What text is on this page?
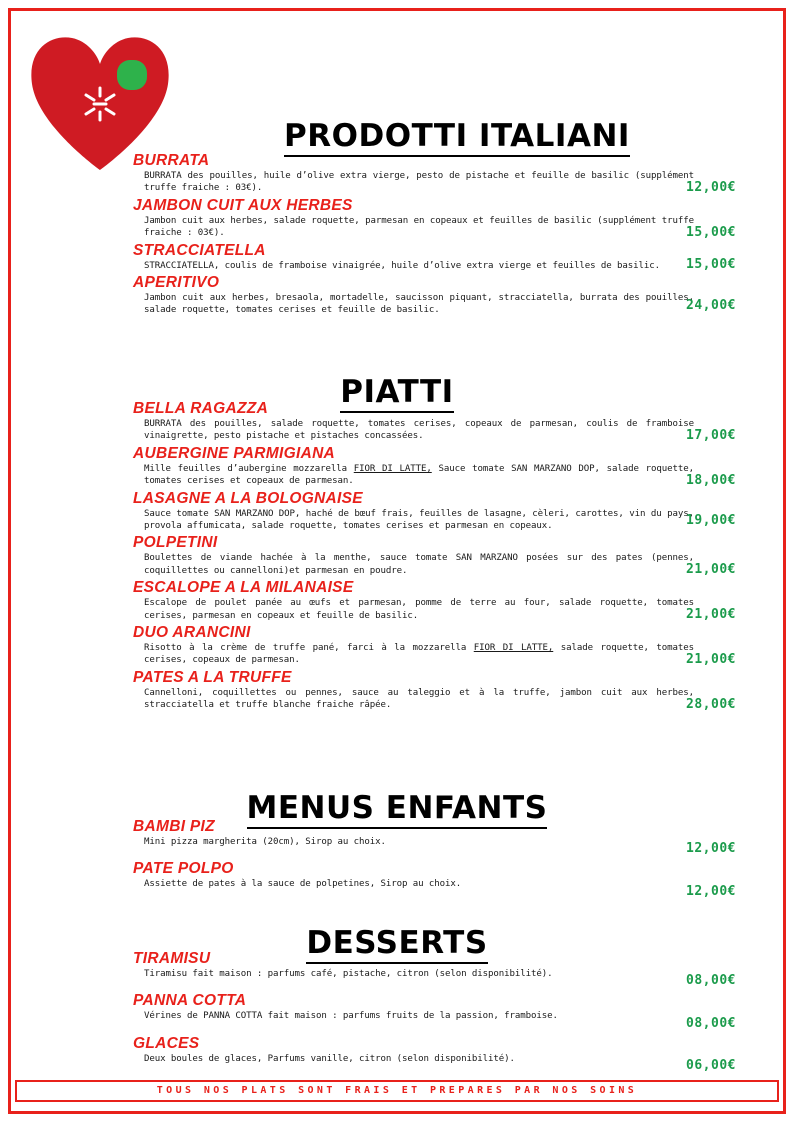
PRODOTTI ITALIANI
BURRATA
BURRATA des pouilles, huile d’olive extra vierge, pesto de pistache et feuille de basilic (supplément truffe fraiche : 03€).	12,00€
JAMBON CUIT AUX HERBES
Jambon cuit aux herbes, salade roquette, parmesan en copeaux et feuilles de basilic (supplément truffe fraiche : 03€).	15,00€
STRACCIATELLA
STRACCIATELLA, coulis de framboise vinaigrée, huile d’olive extra vierge et feuilles de basilic.	15,00€
APERITIVO
Jambon cuit aux herbes, bresaola, mortadelle, saucisson piquant, stracciatella, burrata des pouilles, salade roquette, tomates cerises et feuille de basilic.	24,00€
PIATTI
BELLA RAGAZZA
BURRATA des pouilles, salade roquette, tomates cerises, copeaux de parmesan, coulis de framboise vinaigrette, pesto pistache et pistaches concassées.	17,00€
AUBERGINE PARMIGIANA
Mille feuilles d’aubergine mozzarella FIOR DI LATTE, Sauce tomate SAN MARZANO DOP, salade roquette, tomates cerises et copeaux de parmesan.	18,00€
LASAGNE A LA BOLOGNAISE
Sauce tomate SAN MARZANO DOP, haché de bœuf frais, feuilles de lasagne, cèleri, carottes, vin du pays, provola affumicata, salade roquette, tomates cerises et parmesan en copeaux.	19,00€
POLPETINI
Boulettes de viande hachée à la menthe, sauce tomate SAN MARZANO posées sur des pates (pennes, coquillettes ou cannelloni)et parmesan en poudre.	21,00€
ESCALOPE A LA MILANAISE
Escalope de poulet panée au œufs et parmesan, pomme de terre au four, salade roquette, tomates cerises, parmesan en copeaux et feuille de basilic.	21,00€
DUO ARANCINI
Risotto à la crème de truffe pané, farci à la mozzarella FIOR DI LATTE, salade roquette, tomates cerises, copeaux de parmesan.	21,00€
PATES A LA TRUFFE
Cannelloni, coquillettes ou pennes, sauce au taleggio et à la truffe, jambon cuit aux herbes, stracciatella et truffe blanche fraiche râpée.	28,00€
MENUS ENFANTS
BAMBI PIZ
Mini pizza margherita (20cm), Sirop au choix.	12,00€
PATE POLPO
Assiette de pates à la sauce de polpetines, Sirop au choix.	12,00€
DESSERTS
TIRAMISU
Tiramisu fait maison : parfums café, pistache, citron (selon disponibilité).	08,00€
PANNA COTTA
Vérines de PANNA COTTA fait maison : parfums fruits de la passion, framboise.	08,00€
GLACES
Deux boules de glaces, Parfums vanille, citron (selon disponibilité).	06,00€
TOUS NOS PLATS SONT FRAIS ET PREPARES PAR NOS SOINS
